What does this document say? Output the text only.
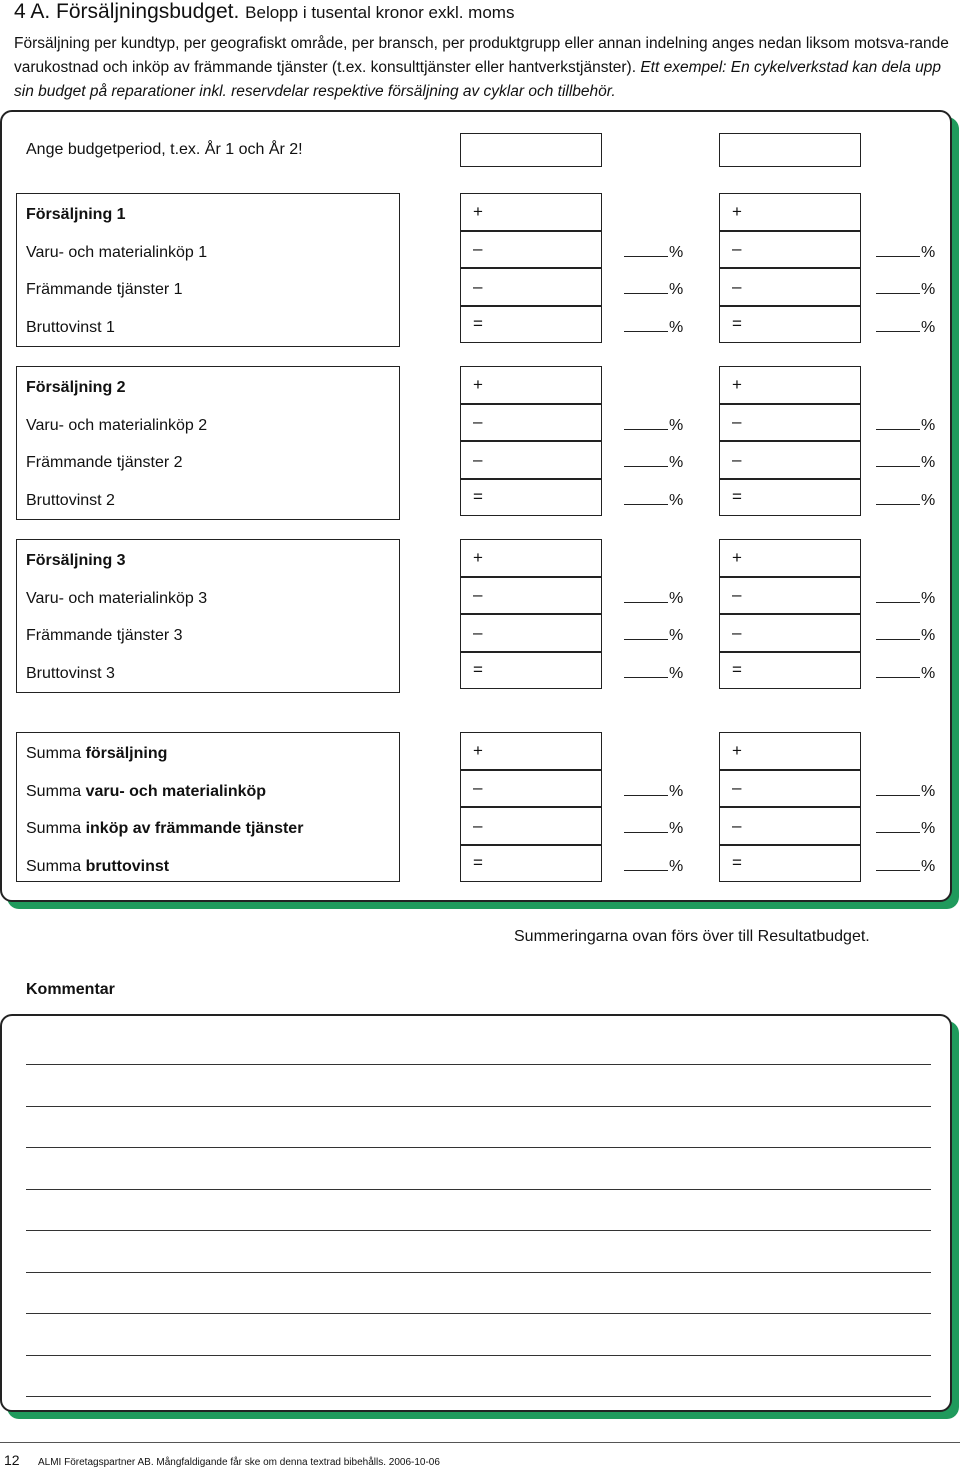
4 A. Försäljningsbudget. Belopp i tusental kronor exkl. moms
Försäljning per kundtyp, per geografiskt område, per bransch, per produktgrupp eller annan indelning anges nedan liksom motsva-rande varukostnad och inköp av främmande tjänster (t.ex. konsulttjänster eller hantverkstjänster). Ett exempel: En cykelverkstad kan dela upp sin budget på reparationer inkl. reservdelar respektive försäljning av cyklar och tillbehör.
Ange budgetperiod, t.ex. År 1 och År 2!
Försäljning 1	+	+
Varu- och materialinköp 1	–	%	–	%
Främmande tjänster 1	–	%	–	%
Bruttovinst 1	=	%	=	%
Försäljning 2	+	+
Varu- och materialinköp 2	–	%	–	%
Främmande tjänster 2	–	%	–	%
Bruttovinst 2	=	%	=	%
Försäljning 3	+	+
Varu- och materialinköp 3	–	%	–	%
Främmande tjänster 3	–	%	–	%
Bruttovinst 3	=	%	=	%
Summa försäljning	+	+
Summa varu- och materialinköp	–	%	–	%
Summa inköp av främmande tjänster	–	%	–	%
Summa bruttovinst	=	%	=	%
Summeringarna ovan förs över till Resultatbudget.
Kommentar
12 ALMI Företagspartner AB. Mångfaldigande får ske om denna textrad bibehålls. 2006-10-06
